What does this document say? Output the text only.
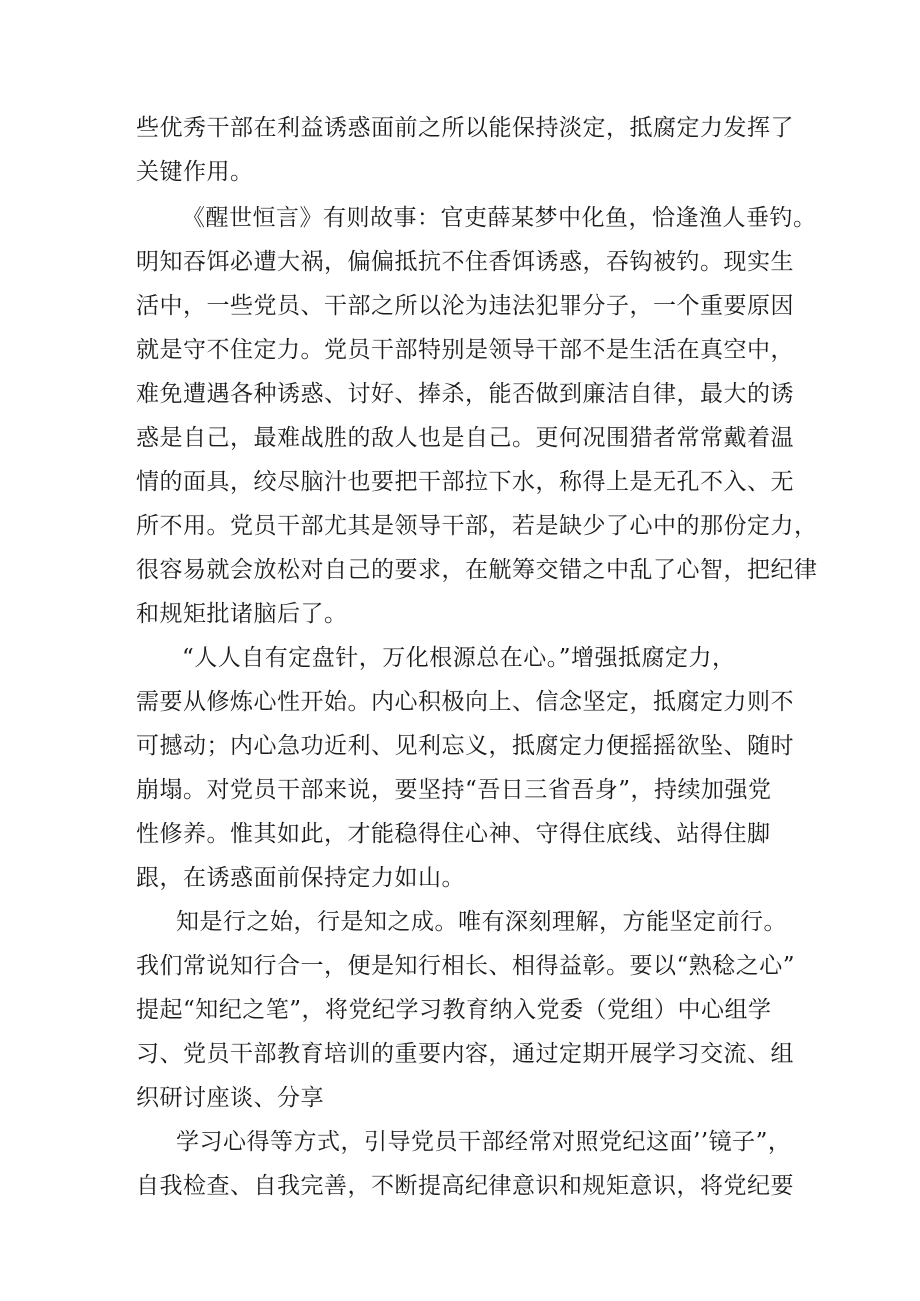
些优秀干部在利益诱惑面前之所以能保持淡定，抵腐定力发挥了
关键作用。
《醒世恒言》有则故事：官吏薛某梦中化鱼，恰逢渔人垂钓。
明知吞饵必遭大祸，偏偏抵抗不住香饵诱惑，吞钩被钓。现实生
活中，一些党员、干部之所以沦为违法犯罪分子，一个重要原因
就是守不住定力。党员干部特别是领导干部不是生活在真空中，
难免遭遇各种诱惑、讨好、捧杀，能否做到廉洁自律，最大的诱
惑是自己，最难战胜的敌人也是自己。更何况围猎者常常戴着温
情的面具，绞尽脑汁也要把干部拉下水，称得上是无孔不入、无
所不用。党员干部尤其是领导干部，若是缺少了心中的那份定力，
很容易就会放松对自己的要求，在觥筹交错之中乱了心智，把纪律
和规矩批诸脑后了。
“人人自有定盘针，万化根源总在心。”增强抵腐定力，
需要从修炼心性开始。内心积极向上、信念坚定，抵腐定力则不
可撼动；内心急功近利、见利忘义，抵腐定力便摇摇欲坠、随时
崩塌。对党员干部来说，要坚持“吾日三省吾身”，持续加强党
性修养。惟其如此，才能稳得住心神、守得住底线、站得住脚
跟，在诱惑面前保持定力如山。
知是行之始，行是知之成。唯有深刻理解，方能坚定前行。
我们常说知行合一，便是知行相长、相得益彰。要以“熟稔之心”
提起“知纪之笔”，将党纪学习教育纳入党委（党组）中心组学
习、党员干部教育培训的重要内容，通过定期开展学习交流、组
织研讨座谈、分享
学习心得等方式，引导党员干部经常对照党纪这面’’镜子”，
自我检查、自我完善，不断提高纪律意识和规矩意识，将党纪要
